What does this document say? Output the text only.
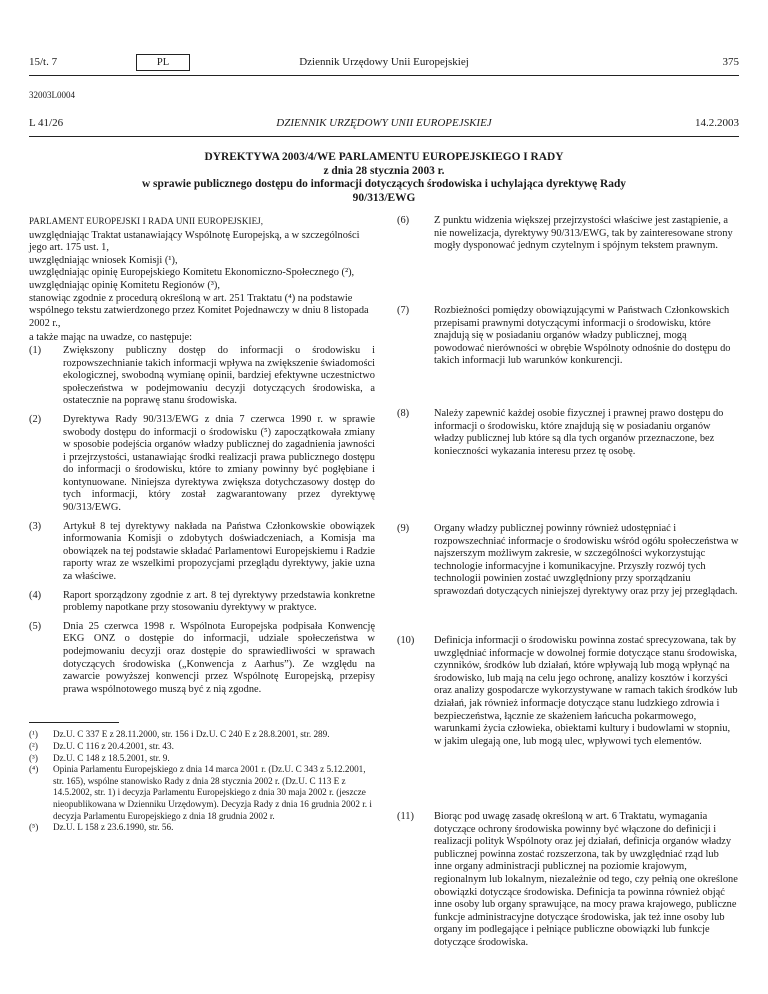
15/t. 7	PL	Dziennik Urzędowy Unii Europejskiej	375
32003L0004
L 41/26	DZIENNIK URZĘDOWY UNII EUROPEJSKIEJ	14.2.2003
DYREKTYWA 2003/4/WE PARLAMENTU EUROPEJSKIEGO I RADY
z dnia 28 stycznia 2003 r.
w sprawie publicznego dostępu do informacji dotyczących środowiska i uchylająca dyrektywę Rady
90/313/EWG

PARLAMENT EUROPEJSKI I RADA UNII EUROPEJSKIEJ,

uwzględniając Traktat ustanawiający Wspólnotę Europejską, a w szczególności jego art. 175 ust. 1,

uwzględniając wniosek Komisji (¹),

uwzględniając opinię Europejskiego Komitetu Ekonomiczno-Społecznego (²),

uwzględniając opinię Komitetu Regionów (³),

stanowiąc zgodnie z procedurą określoną w art. 251 Traktatu (⁴) na podstawie wspólnego tekstu zatwierdzonego przez Komitet Pojednawczy w dniu 8 listopada 2002 r.,

a także mając na uwadze, co następuje:

(1)	Zwiększony publiczny dostęp do informacji o środowisku i rozpowszechnianie takich informacji wpływa na zwiększenie świadomości ekologicznej, swobodną wymianę opinii, bardziej efektywne uczestnictwo społeczeństwa w podejmowaniu decyzji dotyczących środowiska, a ostatecznie na poprawę stanu środowiska.
(2)	Dyrektywa Rady 90/313/EWG z dnia 7 czerwca 1990 r. w sprawie swobody dostępu do informacji o środowisku (⁵) zapoczątkowała zmiany w sposobie podejścia organów władzy publicznej do zagadnienia jawności i przejrzystości, ustanawiając środki realizacji prawa publicznego dostępu do informacji o środowisku, które to zmiany powinny być pogłębiane i kontynuowane. Niniejsza dyrektywa zwiększa dotychczasowy dostęp do tych informacji, który został zagwarantowany przez dyrektywę 90/313/EWG.
(3)	Artykuł 8 tej dyrektywy nakłada na Państwa Członkowskie obowiązek informowania Komisji o zdobytych doświadczeniach, a Komisja ma obowiązek na tej podstawie składać Parlamentowi Europejskiemu i Radzie raporty wraz ze wszelkimi propozycjami przeglądu dyrektywy, jakie uzna za właściwe.
(4)	Raport sporządzony zgodnie z art. 8 tej dyrektywy przedstawia konkretne problemy napotkane przy stosowaniu dyrektywy w praktyce.
(5)	Dnia 25 czerwca 1998 r. Wspólnota Europejska podpisała Konwencję EKG ONZ o dostępie do informacji, udziale społeczeństwa w podejmowaniu decyzji oraz dostępie do sprawiedliwości w sprawach dotyczących środowiska („Konwencja z Aarhus”). Ze względu na zawarcie powyższej konwencji przez Wspólnotę Europejską, przepisy prawa wspólnotowego muszą być z nią zgodne.
(¹)	Dz.U. C 337 E z 28.11.2000, str. 156 i Dz.U. C 240 E z 28.8.2001, str. 289.
(²)	Dz.U. C 116 z 20.4.2001, str. 43.
(³)	Dz.U. C 148 z 18.5.2001, str. 9.
(⁴)	Opinia Parlamentu Europejskiego z dnia 14 marca 2001 r. (Dz.U. C 343 z 5.12.2001, str. 165), wspólne stanowisko Rady z dnia 28 stycznia 2002 r. (Dz.U. C 113 E z 14.5.2002, str. 1) i decyzja Parlamentu Europejskiego z dnia 30 maja 2002 r. (jeszcze nieopublikowana w Dzienniku Urzędowym). Decyzja Rady z dnia 16 grudnia 2002 r. i decyzja Parlamentu Europejskiego z dnia 18 grudnia 2002 r.
(⁵)	Dz.U. L 158 z 23.6.1990, str. 56.
(6)	Z punktu widzenia większej przejrzystości właściwe jest zastąpienie, a nie nowelizacja, dyrektywy 90/313/EWG, tak by zainteresowane strony mogły dysponować jednym czytelnym i spójnym tekstem prawnym.
(7)	Rozbieżności pomiędzy obowiązującymi w Państwach Członkowskich przepisami prawnymi dotyczącymi informacji o środowisku, które znajdują się w posiadaniu organów władzy publicznej, mogą powodować nierówności w obrębie Wspólnoty odnośnie do dostępu do takich informacji lub warunków konkurencji.
(8)	Należy zapewnić każdej osobie fizycznej i prawnej prawo dostępu do informacji o środowisku, które znajdują się w posiadaniu organów władzy publicznej lub które są dla tych organów przeznaczone, bez konieczności wykazania interesu przez tę osobę.
(9)	Organy władzy publicznej powinny również udostępniać i rozpowszechniać informacje o środowisku wśród ogółu społeczeństwa w najszerszym możliwym zakresie, w szczególności wykorzystując technologie informacyjne i komunikacyjne. Przyszły rozwój tych technologii powinien zostać uwzględniony przy sporządzaniu sprawozdań dotyczących niniejszej dyrektywy oraz przy jej przeglądach.
(10)	Definicja informacji o środowisku powinna zostać sprecyzowana, tak by uwzględniać informacje w dowolnej formie dotyczące stanu środowiska, czynników, środków lub działań, które wpływają lub mogą wpłynąć na środowisko, lub mają na celu jego ochronę, analizy kosztów i korzyści oraz analizy gospodarcze wykorzystywane w ramach takich środków lub działań, jak również informacje dotyczące stanu ludzkiego zdrowia i bezpieczeństwa, łącznie ze skażeniem łańcucha pokarmowego, warunkami życia człowieka, obiektami kultury i budowlami w stopniu, w jakim ulegają one, lub mogą ulec, wpływowi tych elementów.
(11)	Biorąc pod uwagę zasadę określoną w art. 6 Traktatu, wymagania dotyczące ochrony środowiska powinny być włączone do definicji i realizacji polityk Wspólnoty oraz jej działań, definicja organów władzy publicznej powinna zostać rozszerzona, tak by uwzględniać rząd lub inne organy administracji publicznej na poziomie krajowym, regionalnym lub lokalnym, niezależnie od tego, czy pełnią one określone obowiązki dotyczące środowiska. Definicja ta powinna również objąć inne osoby lub organy sprawujące, na mocy prawa krajowego, publiczne funkcje administracyjne dotyczące środowiska, jak też inne osoby lub organy im podlegające i pełniące publiczne obowiązki lub funkcje dotyczące środowiska.
